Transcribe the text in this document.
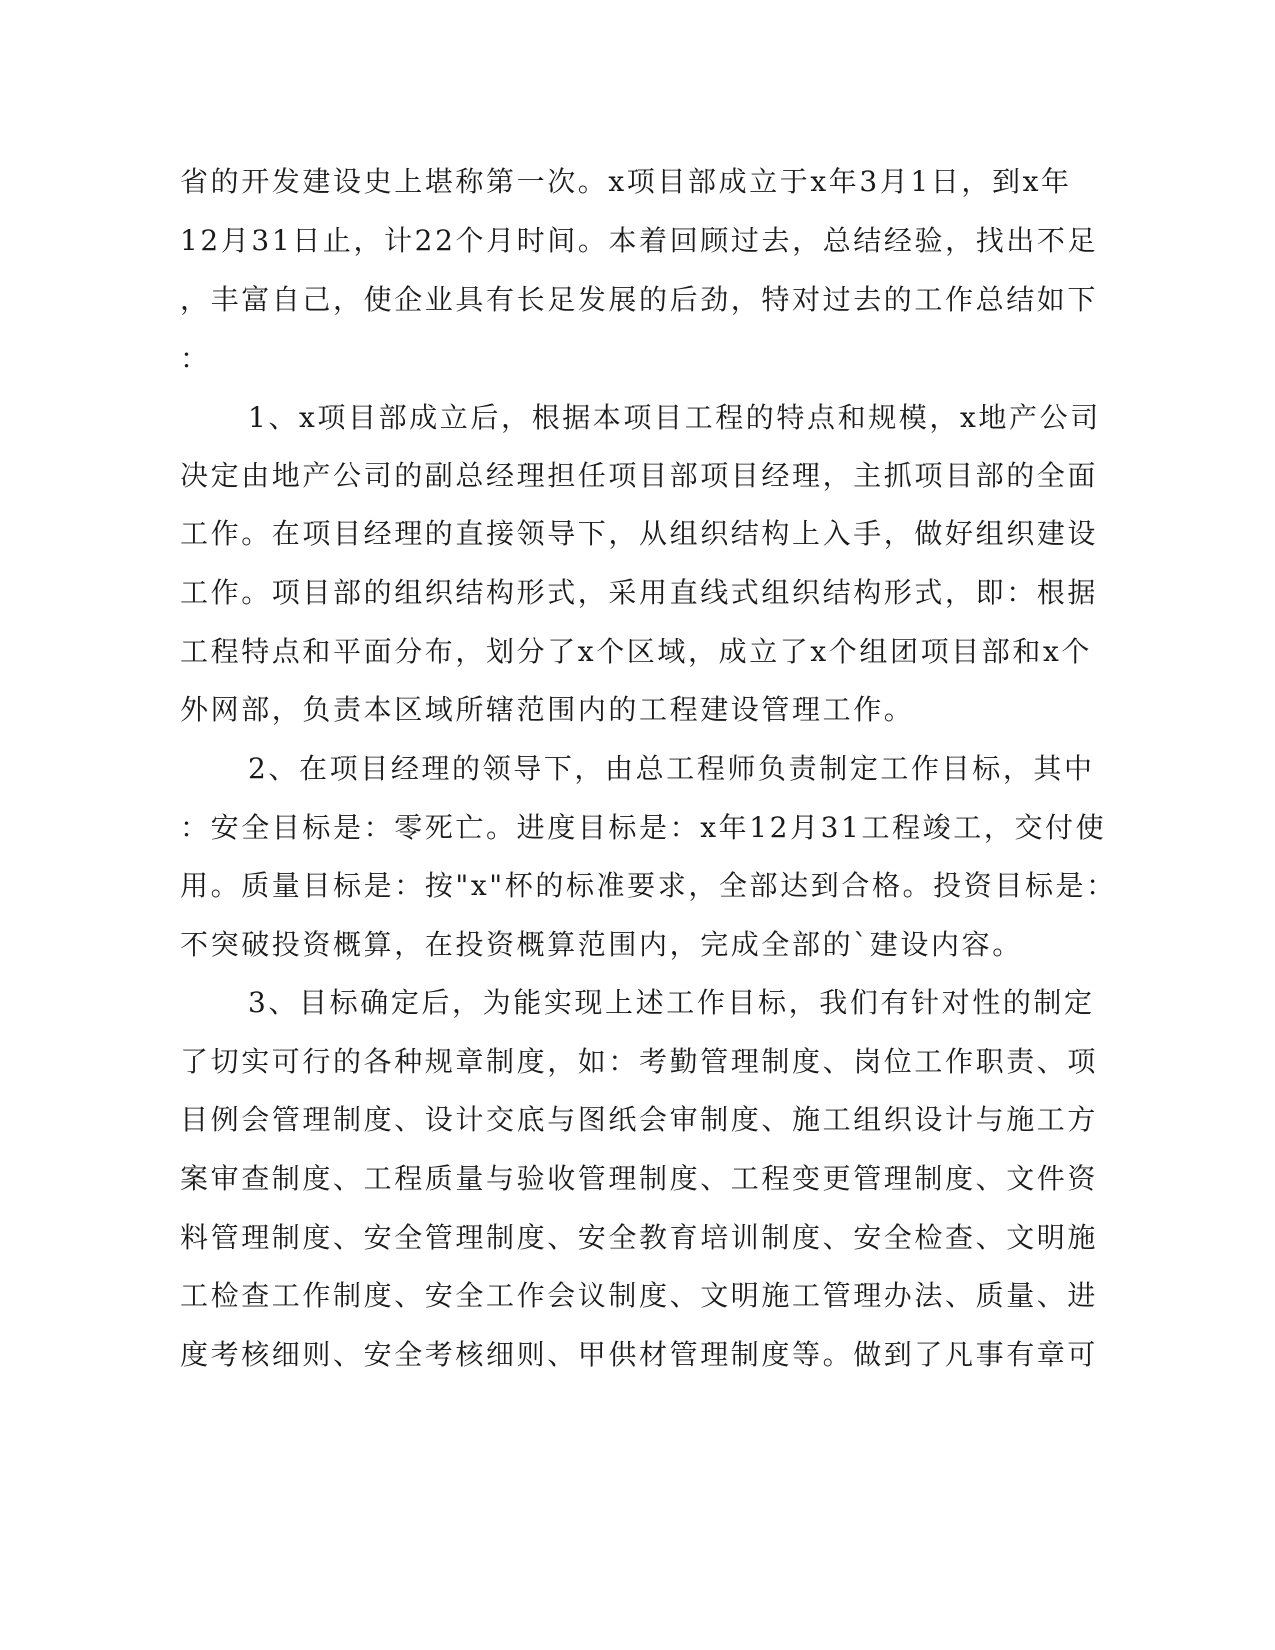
省的开发建设史上堪称第一次。x项目部成立于x年3月1日，到x年
12月31日止，计22个月时间。本着回顾过去，总结经验，找出不足
，丰富自己，使企业具有长足发展的后劲，特对过去的工作总结如下
：
1、x项目部成立后，根据本项目工程的特点和规模，x地产公司
决定由地产公司的副总经理担任项目部项目经理，主抓项目部的全面
工作。在项目经理的直接领导下，从组织结构上入手，做好组织建设
工作。项目部的组织结构形式，采用直线式组织结构形式，即：根据
工程特点和平面分布，划分了x个区域，成立了x个组团项目部和x个
外网部，负责本区域所辖范围内的工程建设管理工作。
2、在项目经理的领导下，由总工程师负责制定工作目标，其中
：安全目标是：零死亡。进度目标是：x年12月31工程竣工，交付使
用。质量目标是：按"x"杯的标准要求，全部达到合格。投资目标是：
不突破投资概算，在投资概算范围内，完成全部的`建设内容。
3、目标确定后，为能实现上述工作目标，我们有针对性的制定
了切实可行的各种规章制度，如：考勤管理制度、岗位工作职责、项
目例会管理制度、设计交底与图纸会审制度、施工组织设计与施工方
案审查制度、工程质量与验收管理制度、工程变更管理制度、文件资
料管理制度、安全管理制度、安全教育培训制度、安全检查、文明施
工检查工作制度、安全工作会议制度、文明施工管理办法、质量、进
度考核细则、安全考核细则、甲供材管理制度等。做到了凡事有章可
